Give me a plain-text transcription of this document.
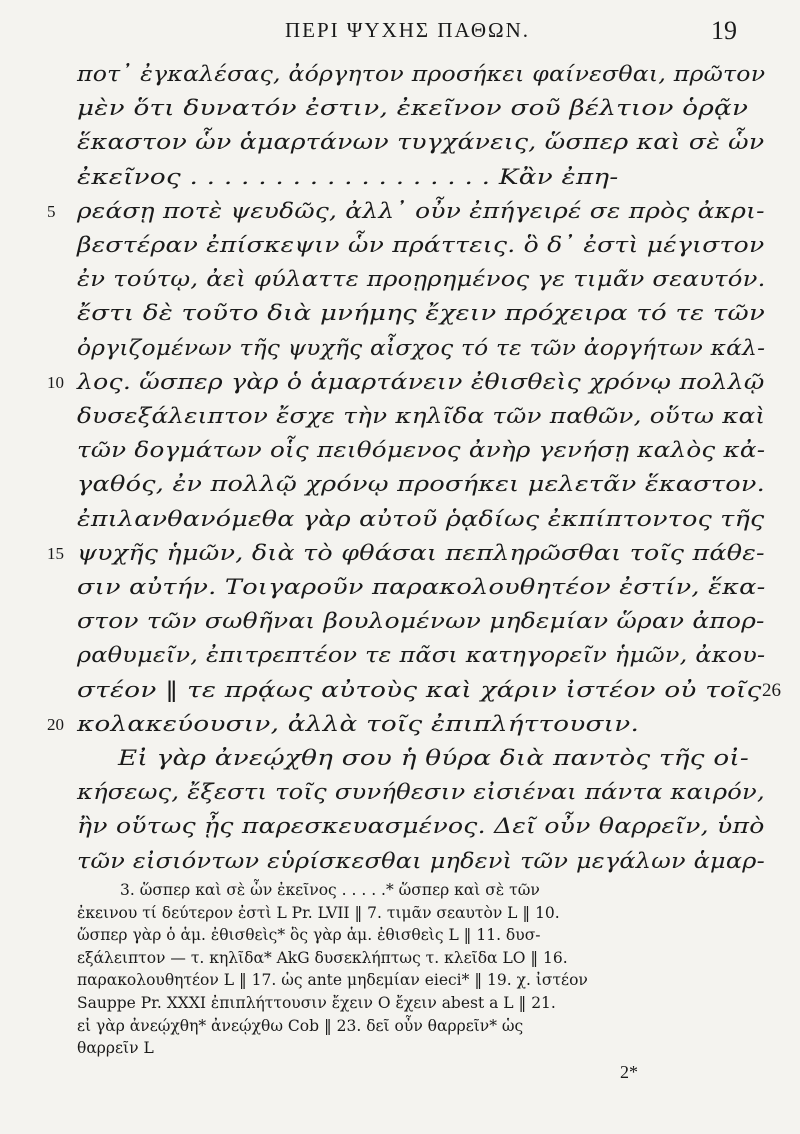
ΠΕΡΙ ΨΥΧΗΣ ΠΑΘΩΝ.	19
ποτ᾽ ἐγκαλέσας, ἀόργητον προσήκει φαίνεσθαι, πρῶτον
μὲν ὅτι δυνατόν ἐστιν, ἐκεῖνον σοῦ βέλτιον ὁρᾷν
ἕκαστον ὧν ἁμαρτάνων τυγχάνεις, ὥσπερ καὶ σὲ ὧν
ἐκεῖνος . . . . . . . . . . . . . . . . . . Κἂν ἐπη-
ρεάσῃ ποτὲ ψευδῶς, ἀλλ᾽ οὖν ἐπήγειρέ σε πρὸς ἀκρι-
5
βεστέραν ἐπίσκεψιν ὧν πράττεις. ὃ δ᾽ ἐστὶ μέγιστον
ἐν τούτῳ, ἀεὶ φύλαττε προῃρημένος γε τιμᾶν σεαυτόν.
ἔστι δὲ τοῦτο διὰ μνήμης ἔχειν πρόχειρα τό τε τῶν
ὀργιζομένων τῆς ψυχῆς αἶσχος τό τε τῶν ἀοργήτων κάλ-
λος. ὥσπερ γὰρ ὁ ἁμαρτάνειν ἐθισθεὶς χρόνῳ πολλῷ
10
δυσεξάλειπτον ἔσχε τὴν κηλῖδα τῶν παθῶν, οὕτω καὶ
τῶν δογμάτων οἷς πειθόμενος ἀνὴρ γενήσῃ καλὸς κἀ-
γαθός, ἐν πολλῷ χρόνῳ προσήκει μελετᾶν ἕκαστον.
ἐπιλανθανόμεθα γὰρ αὐτοῦ ῥᾳδίως ἐκπίπτοντος τῆς
ψυχῆς ἡμῶν, διὰ τὸ φθάσαι πεπληρῶσθαι τοῖς πάθε-
15
σιν αὐτήν. Τοιγαροῦν παρακολουθητέον ἐστίν, ἕκα-
στον τῶν σωθῆναι βουλομένων μηδεμίαν ὥραν ἀπορ-
ραθυμεῖν, ἐπιτρεπτέον τε πᾶσι κατηγορεῖν ἡμῶν, ἀκου-
στέον ‖ τε πρᾴως αὐτοὺς καὶ χάριν ἰστέον οὐ τοῖς 26
κολακεύουσιν, ἀλλὰ τοῖς ἐπιπλήττουσιν.
20
Εἰ γὰρ ἀνεῴχθη σου ἡ θύρα διὰ παντὸς τῆς οἰ-
κήσεως, ἔξεστι τοῖς συνήθεσιν εἰσιέναι πάντα καιρόν,
ἢν οὕτως ᾖς παρεσκευασμένος. Δεῖ οὖν θαρρεῖν, ὑπὸ
τῶν εἰσιόντων εὑρίσκεσθαι μηδενὶ τῶν μεγάλων ἁμαρ-
3. ὥσπερ καὶ σὲ ὧν ἐκεῖνος . . . . .* ὥσπερ καὶ σὲ τῶν
ἐκεινου τί δεύτερον ἐστὶ L Pr. LVII ‖ 7. τιμᾶν σεαυτὸν L ‖ 10.
ὥσπερ γὰρ ὁ ἁμ. ἐθισθεὶς* ὃς γὰρ ἁμ. ἐθισθεὶς L ‖ 11. δυσ-
εξάλειπτον — τ. κηλῖδα* AkG δυσεκλήπτως τ. κλεῖδα LO ‖ 16.
παρακολουθητέον L ‖ 17. ὡς ante μηδεμίαν eieci* ‖ 19. χ. ἰστέον
Sauppe Pr. XXXI ἐπιπλήττουσιν ἔχειν O ἔχειν abest a L ‖ 21.
εἰ γὰρ ἀνεῴχθη* ἀνεῴχθω Cob ‖ 23. δεῖ οὖν θαρρεῖν* ὡς
θαρρεῖν L
2*
